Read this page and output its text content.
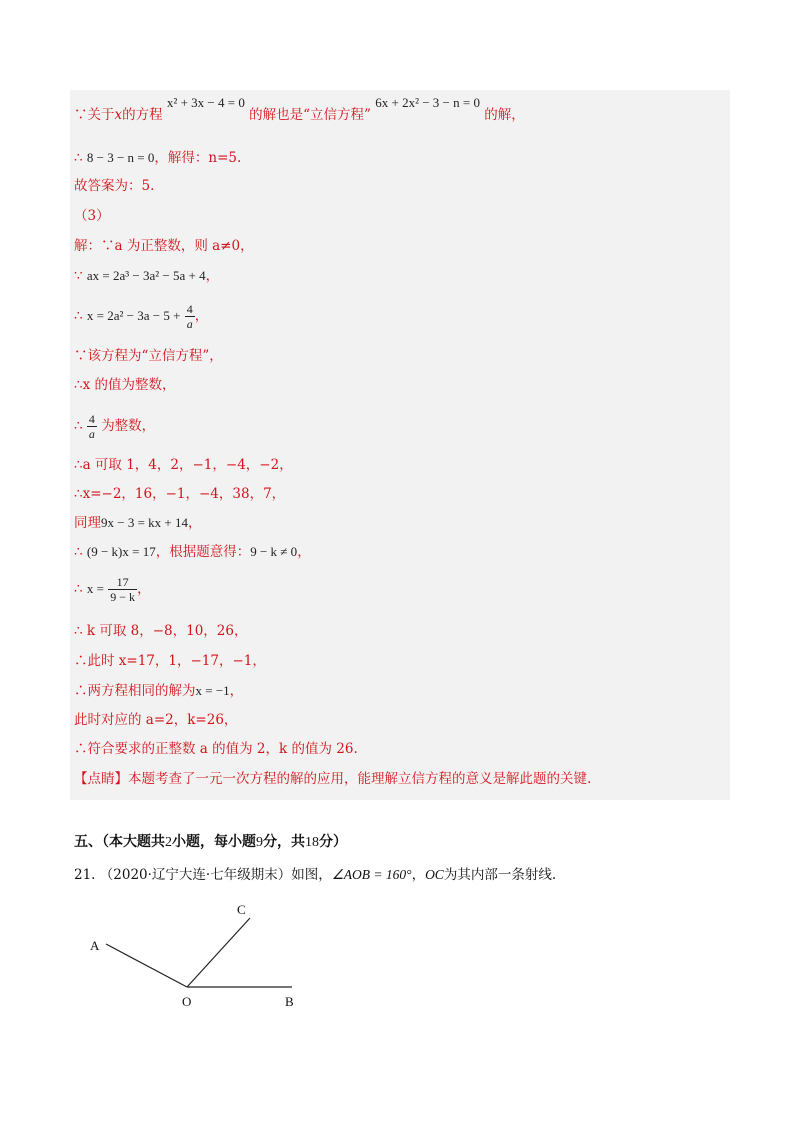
∵关于x的方程 x² + 3x − 4 = 0 的解也是“立信方程” 6x + 2x² − 3 − n = 0 的解，
∴ 8 − 3 − n = 0，解得：n=5.
故答案为：5.
（3）
解：∵a 为正整数，则 a≠0，
∵ ax = 2a³ − 3a² − 5a + 4，
∴ $x = 2a^2 - 3a - 5 + \frac{4}{a}$ ，
∵该方程为“立信方程”，
∴x 的值为整数，
∴ $\frac{4}{a}$ 为整数，
∴a 可取 1，4，2，−1，−4，−2，
∴x=−2，16，−1，−4，38，7，
同理9x − 3 = kx + 14，
∴ (9 − k)x = 17，根据题意得：9 − k ≠ 0，
∴ $x = \frac{17}{9 - k}$ ，
∴ k 可取 8，−8，10，26，
∴此时 x=17，1，−17，−1，
∴两方程相同的解为x = −1，
此时对应的 a=2，k=26，
∴符合要求的正整数 a 的值为 2，k 的值为 26.
【点睛】本题考查了一元一次方程的解的应用，能理解立信方程的意义是解此题的关键.
五、（本大题共2小题，每小题9分，共18分）
21. （2020·辽宁大连·七年级期末）如图，∠AOB = 160°，OC为其内部一条射线.
A
C
O	B
